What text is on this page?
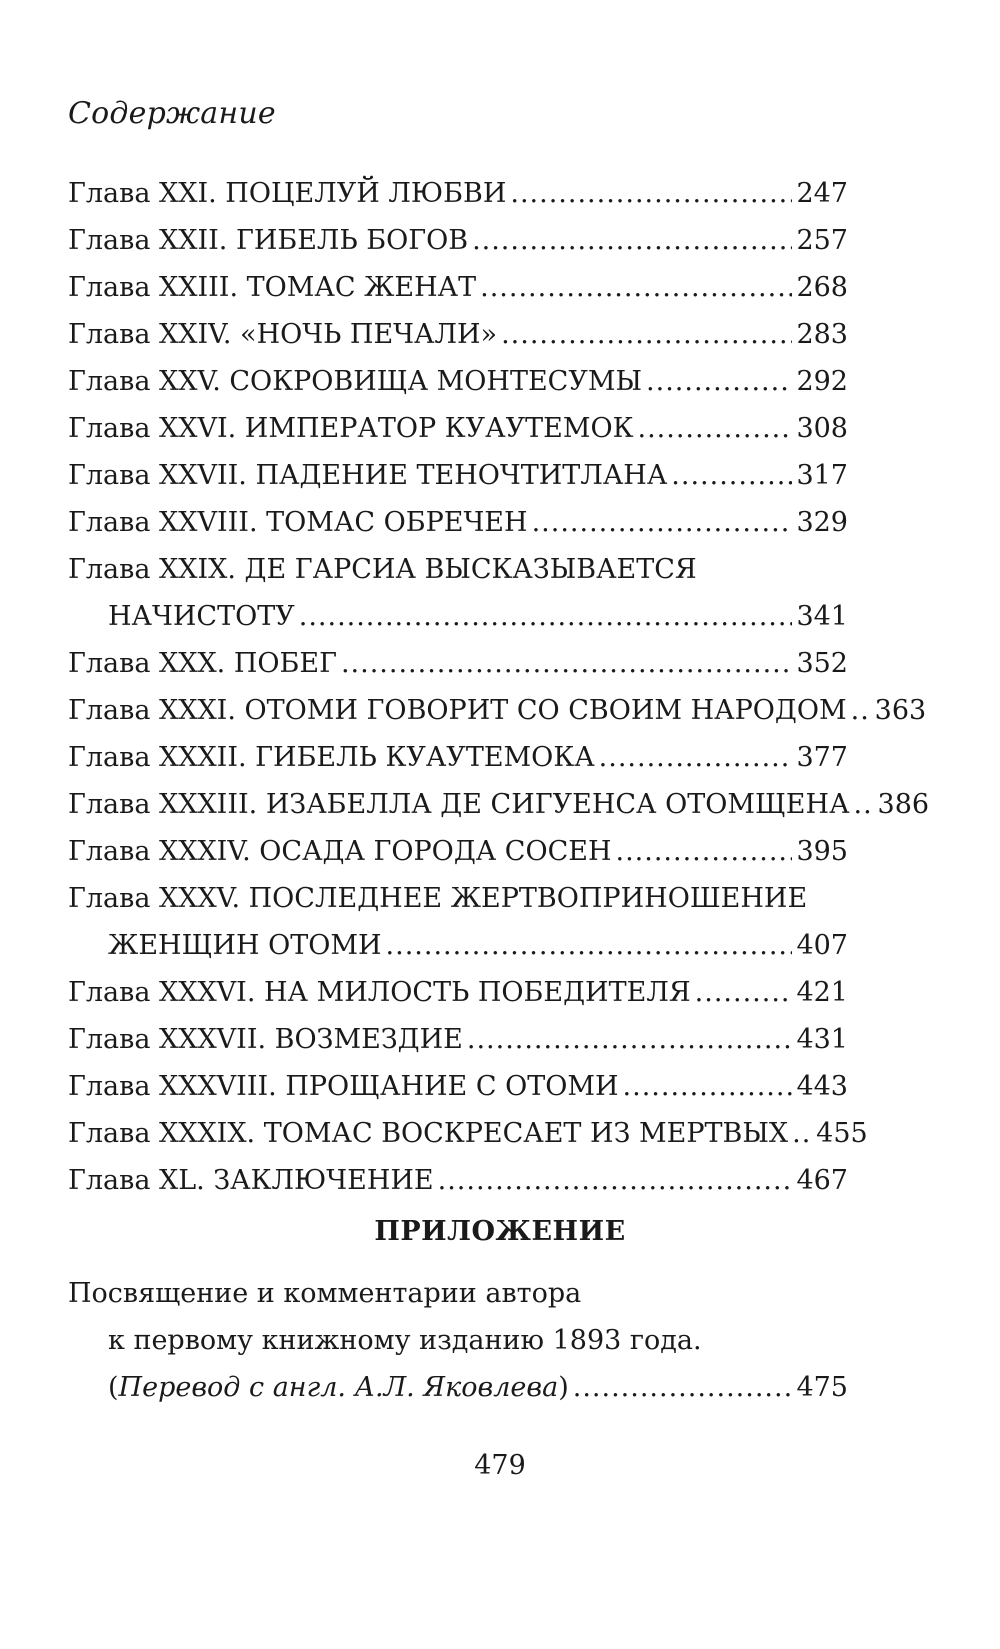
Содержание
Глава XXI. ПОЦЕЛУЙ ЛЮБВИ .....	247
Глава XXII. ГИБЕЛЬ БОГОВ .....	257
Глава XXIII. ТОМАС ЖЕНАТ .....	268
Глава XXIV. «НОЧЬ ПЕЧАЛИ» .....	283
Глава XXV. СОКРОВИЩА МОНТЕСУМЫ .....	292
Глава XXVI. ИМПЕРАТОР КУАУТЕМОК .....	308
Глава XXVII. ПАДЕНИЕ ТЕНОЧТИТЛАНА .....	317
Глава XXVIII. ТОМАС ОБРЕЧЕН .....	329
Глава XXIX. ДЕ ГАРСИА ВЫСКАЗЫВАЕТСЯ
НАЧИСТОТУ .....	341
Глава XXX. ПОБЕГ .....	352
Глава XXXI. ОТОМИ ГОВОРИТ СО СВОИМ НАРОДОМ ..... 363
Глава XXXII. ГИБЕЛЬ КУАУТЕМОКА .....	377
Глава XXXIII. ИЗАБЕЛЛА ДЕ СИГУЕНСА ОТОМЩЕНА ..... 386
Глава XXXIV. ОСАДА ГОРОДА СОСЕН .....	395
Глава XXXV. ПОСЛЕДНЕЕ ЖЕРТВОПРИНОШЕНИЕ
ЖЕНЩИН ОТОМИ .....	407
Глава XXXVI. НА МИЛОСТЬ ПОБЕДИТЕЛЯ .....	421
Глава XXXVII. ВОЗМЕЗДИЕ .....	431
Глава XXXVIII. ПРОЩАНИЕ С ОТОМИ .....	443
Глава XXXIX. ТОМАС ВОСКРЕСАЕТ ИЗ МЕРТВЫХ ..... 455
Глава XL. ЗАКЛЮЧЕНИЕ .....	467
ПРИЛОЖЕНИЕ
Посвящение и комментарии автора
к первому книжному изданию 1893 года.
( Перевод с англ. А.Л. Яковлева ) .....	475
479
